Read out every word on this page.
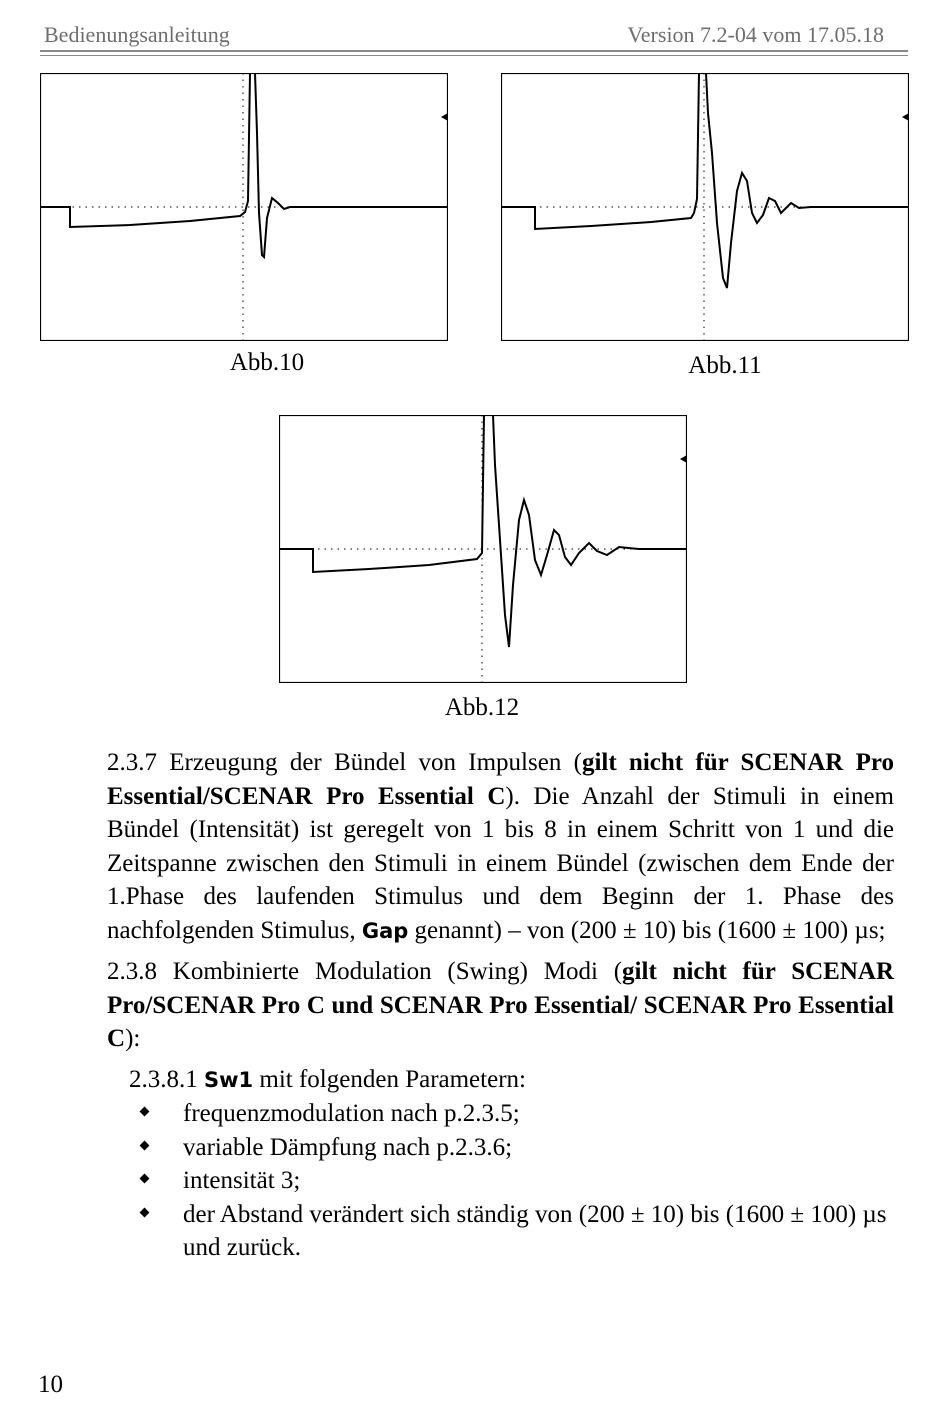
Bedienungsanleitung	Version 7.2-04 vom 17.05.18
Abb.10	Abb.11
Abb.12

2.3.7 Erzeugung der Bündel von Impulsen (gilt nicht für SCENAR Pro Essential/SCENAR Pro Essential C). Die Anzahl der Stimuli in einem Bündel (Intensität) ist geregelt von 1 bis 8 in einem Schritt von 1 und die Zeitspanne zwischen den Stimuli in einem Bündel (zwischen dem Ende der 1.Phase des laufenden Stimulus und dem Beginn der 1. Phase des nachfolgenden Stimulus, Gap genannt) – von (200 ± 10) bis (1600 ± 100) µs;

2.3.8 Kombinierte Modulation (Swing) Modi (gilt nicht für SCENAR Pro/SCENAR Pro C und SCENAR Pro Essential/ SCENAR Pro Essential C):

2.3.8.1 Sw1 mit folgenden Parametern:

frequenzmodulation nach p.2.3.5;
variable Dämpfung nach p.2.3.6;
intensität 3;
der Abstand verändert sich ständig von (200 ± 10) bis (1600 ± 100) µs und zurück.
10
